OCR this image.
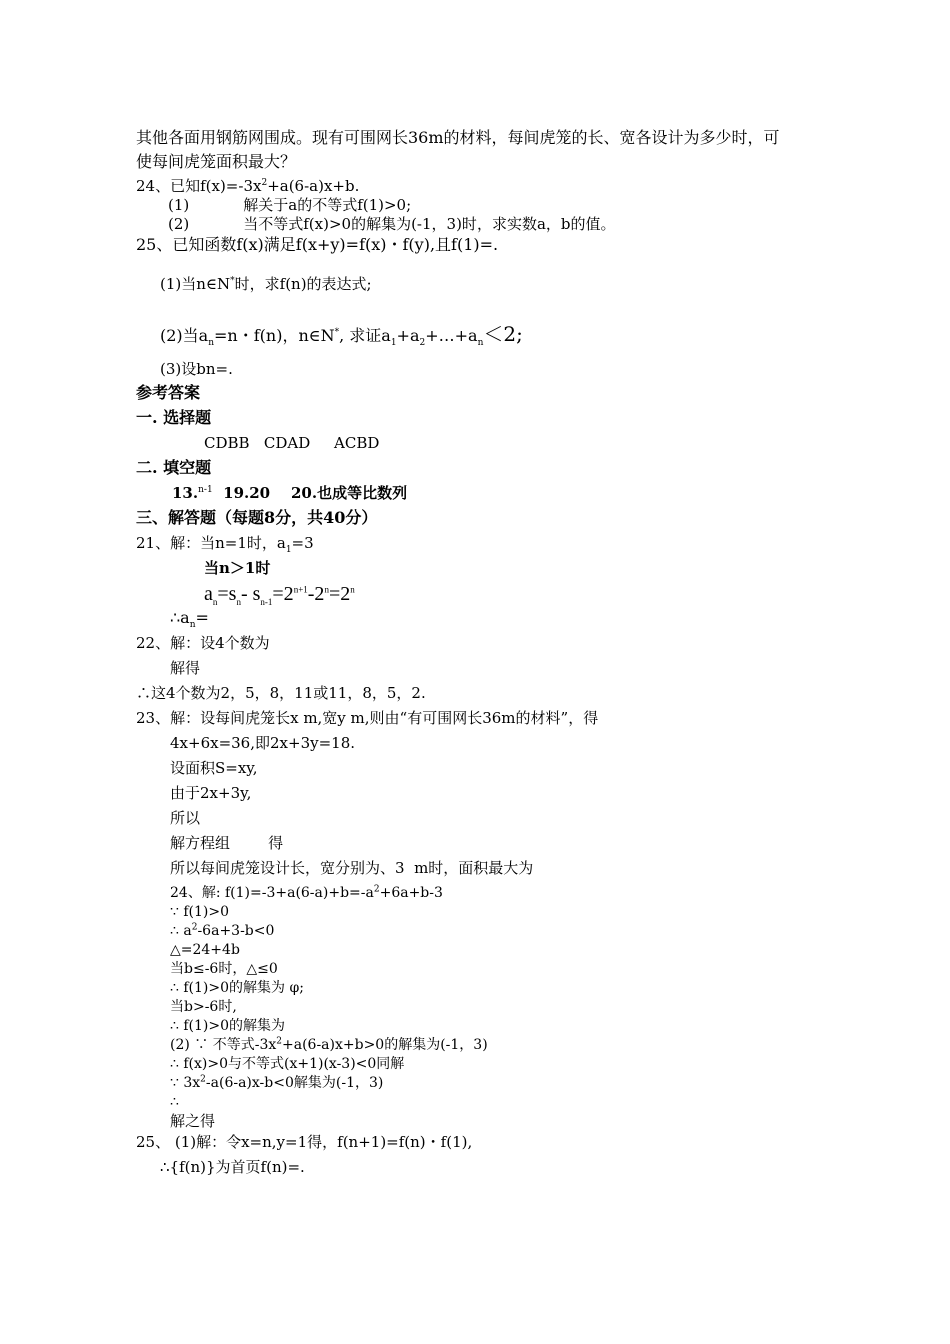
其他各面用钢筋网围成。现有可围网长36m的材料，每间虎笼的长、宽各设计为多少时，可
使每间虎笼面积最大？
24、已知$f(x)=-3x^2+a(6-a)x+b$.
(1)	解关于a的不等式f(1)>0;
(2)	当不等式f(x)>0的解集为(-1，3)时，求实数a，b的值。
25、已知函数f(x)满足f(x+y)=f(x)・f(y),且f(1)=.
(1)当n∈N*时，求f(n)的表达式;
(2)当$a_n=n$・f(n)，n∈N*, 求证$a_1+a_2+\dots+a_n<2$;
(3)设bn=.
参考答案
一. 选择题
CDBB   CDAD     ACBD
二. 填空题
13.$^{n-1}$  19.20    20.也成等比数列
三、解答题（每题8分，共40分）
21、解：当n=1时，$a_1=3$
当n＞1时
$a_n=s_n-$ $s_{n-1}=2^{n+1}-2^n=2^n$
$\therefore a_n=$
22、解：设4个数为
解得
∴这4个数为2，5，8，11或11，8，5，2.
23、解：设每间虎笼长x m,宽y m,则由“有可围网长36m的材料”，得
4x+6x=36,即2x+3y=18.
设面积S=xy,
由于2x+3y,
所以
解方程组        得
所以每间虎笼设计长，宽分别为、3  m时，面积最大为
24、解: $f(1)=-3+a(6-a)+b=-a^2+6a+b-3$
∵ f(1)>0
∴ $a^2-6a+3-b<0$
△=24+4b
当b≤-6时，△≤0
∴ f(1)>0的解集为 φ;
当b>-6时,
∴ f(1)>0的解集为
(2) ∵ 不等式$-3x^2+a(6-a)x+b>0$的解集为(-1，3)
∴ f(x)>0与不等式(x+1)(x-3)<0同解
∵ $3x^2-a(6-a)x-b<0$解集为(-1，3)
∴
解之得
25、 (1)解：令x=n,y=1得，f(n+1)=f(n)・f(1),
∴{f(n)}为首页f(n)=.
